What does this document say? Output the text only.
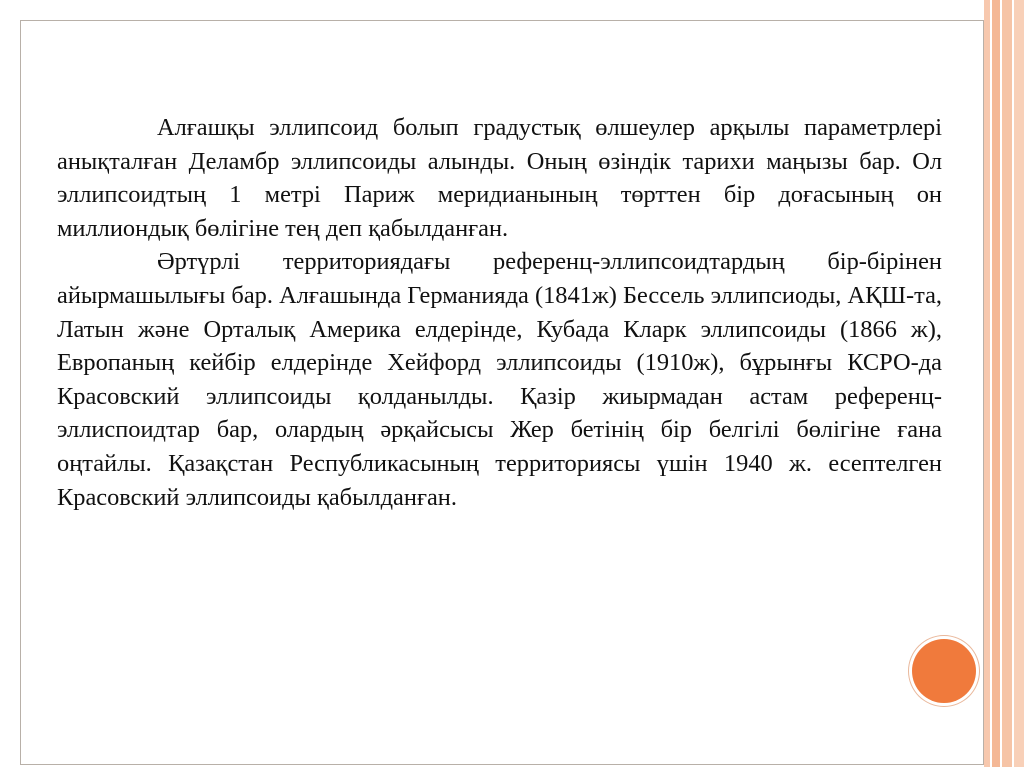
Алғашқы эллипсоид болып градустық өлшеулер арқылы параметрлері анықталған Деламбр эллипсоиды алынды. Оның өзіндік тарихи маңызы бар. Ол эллипсоидтың 1 метрі Париж меридианының төрттен бір доғасының он миллиондық бөлігіне тең деп қабылданған.

Әртүрлі территориядағы референц-эллипсоидтардың бір-бірінен айырмашылығы бар. Алғашында Германияда (1841ж) Бессель эллипсиоды, АҚШ-та, Латын және Орталық Америка елдерінде, Кубада Кларк эллипсоиды (1866 ж), Европаның кейбір елдерінде Хейфорд эллипсоиды (1910ж), бұрынғы КСРО-да Красовский эллипсоиды қолданылды. Қазір жиырмадан астам референц-эллиспоидтар бар, олардың әрқайсысы Жер бетінің бір белгілі бөлігіне ғана оңтайлы. Қазақстан Республикасының территориясы үшін 1940 ж. есептелген Красовский эллипсоиды қабылданған.
